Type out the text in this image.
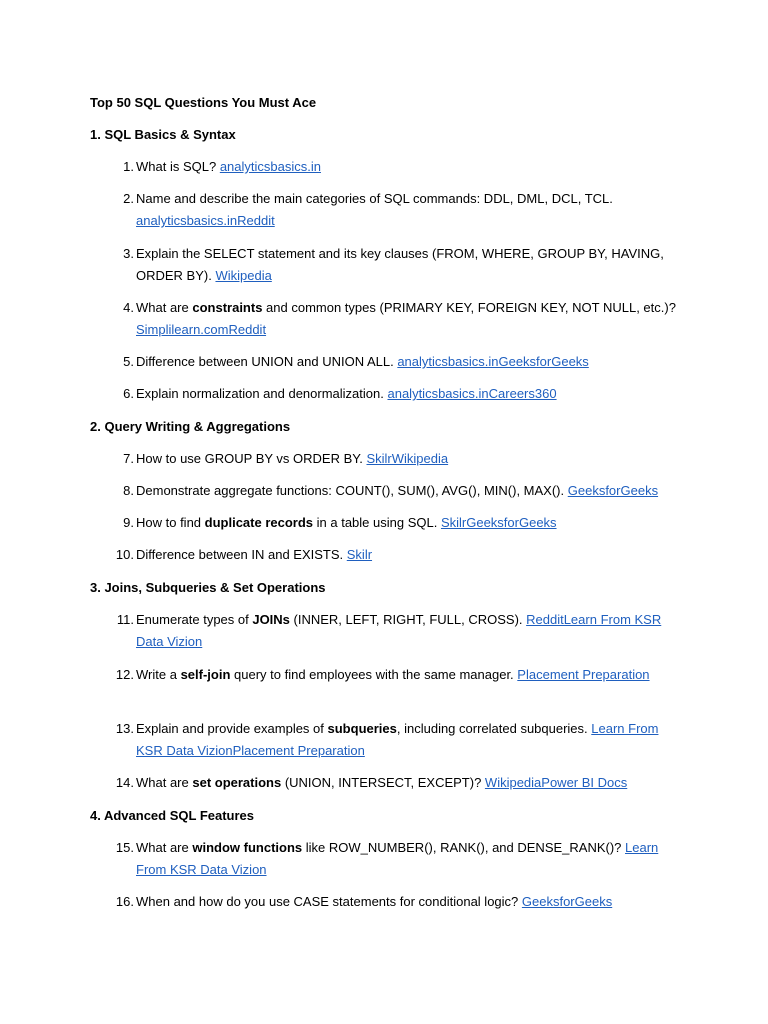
Top 50 SQL Questions You Must Ace
1. SQL Basics & Syntax
1. What is SQL? analyticsbasics.in
2. Name and describe the main categories of SQL commands: DDL, DML, DCL, TCL. analyticsbasics.inReddit
3. Explain the SELECT statement and its key clauses (FROM, WHERE, GROUP BY, HAVING, ORDER BY). Wikipedia
4. What are constraints and common types (PRIMARY KEY, FOREIGN KEY, NOT NULL, etc.)? Simplilearn.comReddit
5. Difference between UNION and UNION ALL. analyticsbasics.inGeeksforGeeks
6. Explain normalization and denormalization. analyticsbasics.inCareers360
2. Query Writing & Aggregations
7. How to use GROUP BY vs ORDER BY. SkilrWikipedia
8. Demonstrate aggregate functions: COUNT(), SUM(), AVG(), MIN(), MAX(). GeeksforGeeks
9. How to find duplicate records in a table using SQL. SkilrGeeksforGeeks
10. Difference between IN and EXISTS. Skilr
3. Joins, Subqueries & Set Operations
11. Enumerate types of JOINs (INNER, LEFT, RIGHT, FULL, CROSS). RedditLearn From KSR Data Vizion
12. Write a self-join query to find employees with the same manager. Placement Preparation
13. Explain and provide examples of subqueries, including correlated subqueries. Learn From KSR Data VizionPlacement Preparation
14. What are set operations (UNION, INTERSECT, EXCEPT)? WikipediaPower BI Docs
4. Advanced SQL Features
15. What are window functions like ROW_NUMBER(), RANK(), and DENSE_RANK()? Learn From KSR Data Vizion
16. When and how do you use CASE statements for conditional logic? GeeksforGeeks
